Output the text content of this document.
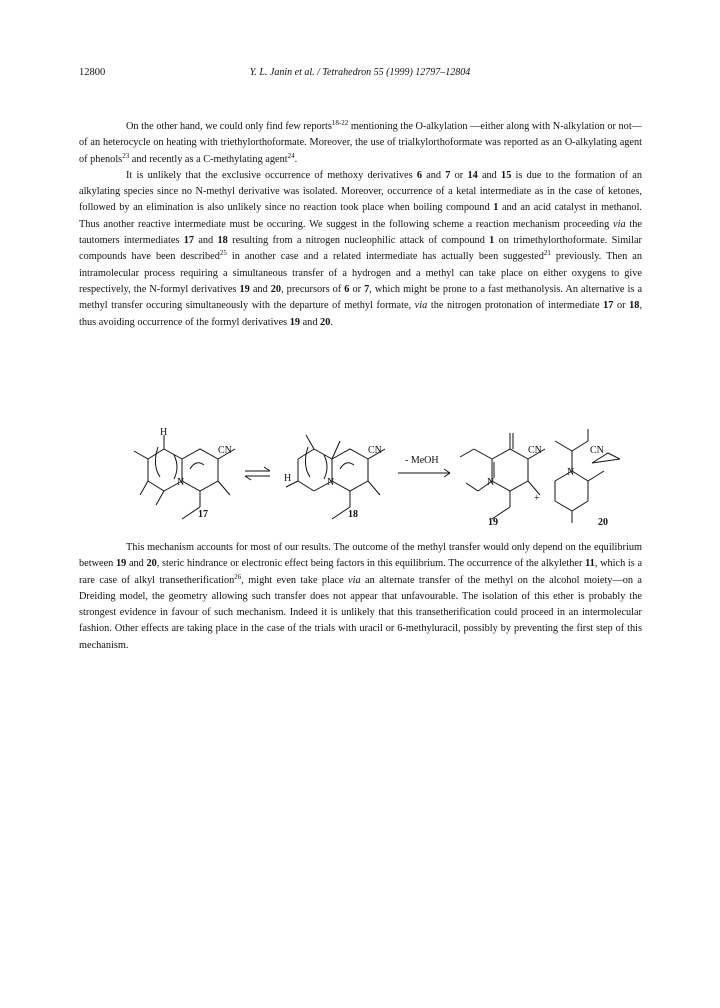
12800	Y. L. Janin et al. / Tetrahedron 55 (1999) 12797–12804

On the other hand, we could only find few reports$^{18-22}$ mentioning the O-alkylation —either along with N-alkylation or not— of an heterocycle on heating with triethylorthoformate. Moreover, the use of trialkylorthoformate was reported as an O-alkylating agent of phenols$^{23}$ and recently as a C-methylating agent$^{24}$.

It is unlikely that the exclusive occurrence of methoxy derivatives 6 and 7 or 14 and 15 is due to the formation of an alkylating species since no N-methyl derivative was isolated. Moreover, occurrence of a ketal intermediate as in the case of ketones, followed by an elimination is also unlikely since no reaction took place when boiling compound 1 and an acid catalyst in methanol. Thus another reactive intermediate must be occuring. We suggest in the following scheme a reaction mechanism proceeding via the tautomers intermediates 17 and 18 resulting from a nitrogen nucleophilic attack of compound 1 on trimethylorthoformate. Similar compounds have been described$^{25}$ in another case and a related intermediate has actually been suggested$^{21}$ previously. Then an intramolecular process requiring a simultaneous transfer of a hydrogen and a methyl can take place on either oxygens to give respectively, the N-formyl derivatives 19 and 20, precursors of 6 or 7, which might be prone to a fast methanolysis. An alternative is a methyl transfer occuring simultaneously with the departure of methyl formate, via the nitrogen protonation of intermediate 17 or 18, thus avoiding occurrence of the formyl derivatives 19 and 20.

CN	CN	CN	CN
H
H
N	N	N
N
- MeOH
+
17	18
19	20

This mechanism accounts for most of our results. The outcome of the methyl transfer would only depend on the equilibrium between 19 and 20, steric hindrance or electronic effect being factors in this equilibrium. The occurrence of the alkylether 11, which is a rare case of alkyl transetherification$^{26}$, might even take place via an alternate transfer of the methyl on the alcohol moiety—on a Dreiding model, the geometry allowing such transfer does not appear that unfavourable. The isolation of this ether is probably the strongest evidence in favour of such mechanism. Indeed it is unlikely that this transetherification could proceed in an intermolecular fashion. Other effects are taking place in the case of the trials with uracil or 6-methyluracil, possibly by preventing the first step of this mechanism.
